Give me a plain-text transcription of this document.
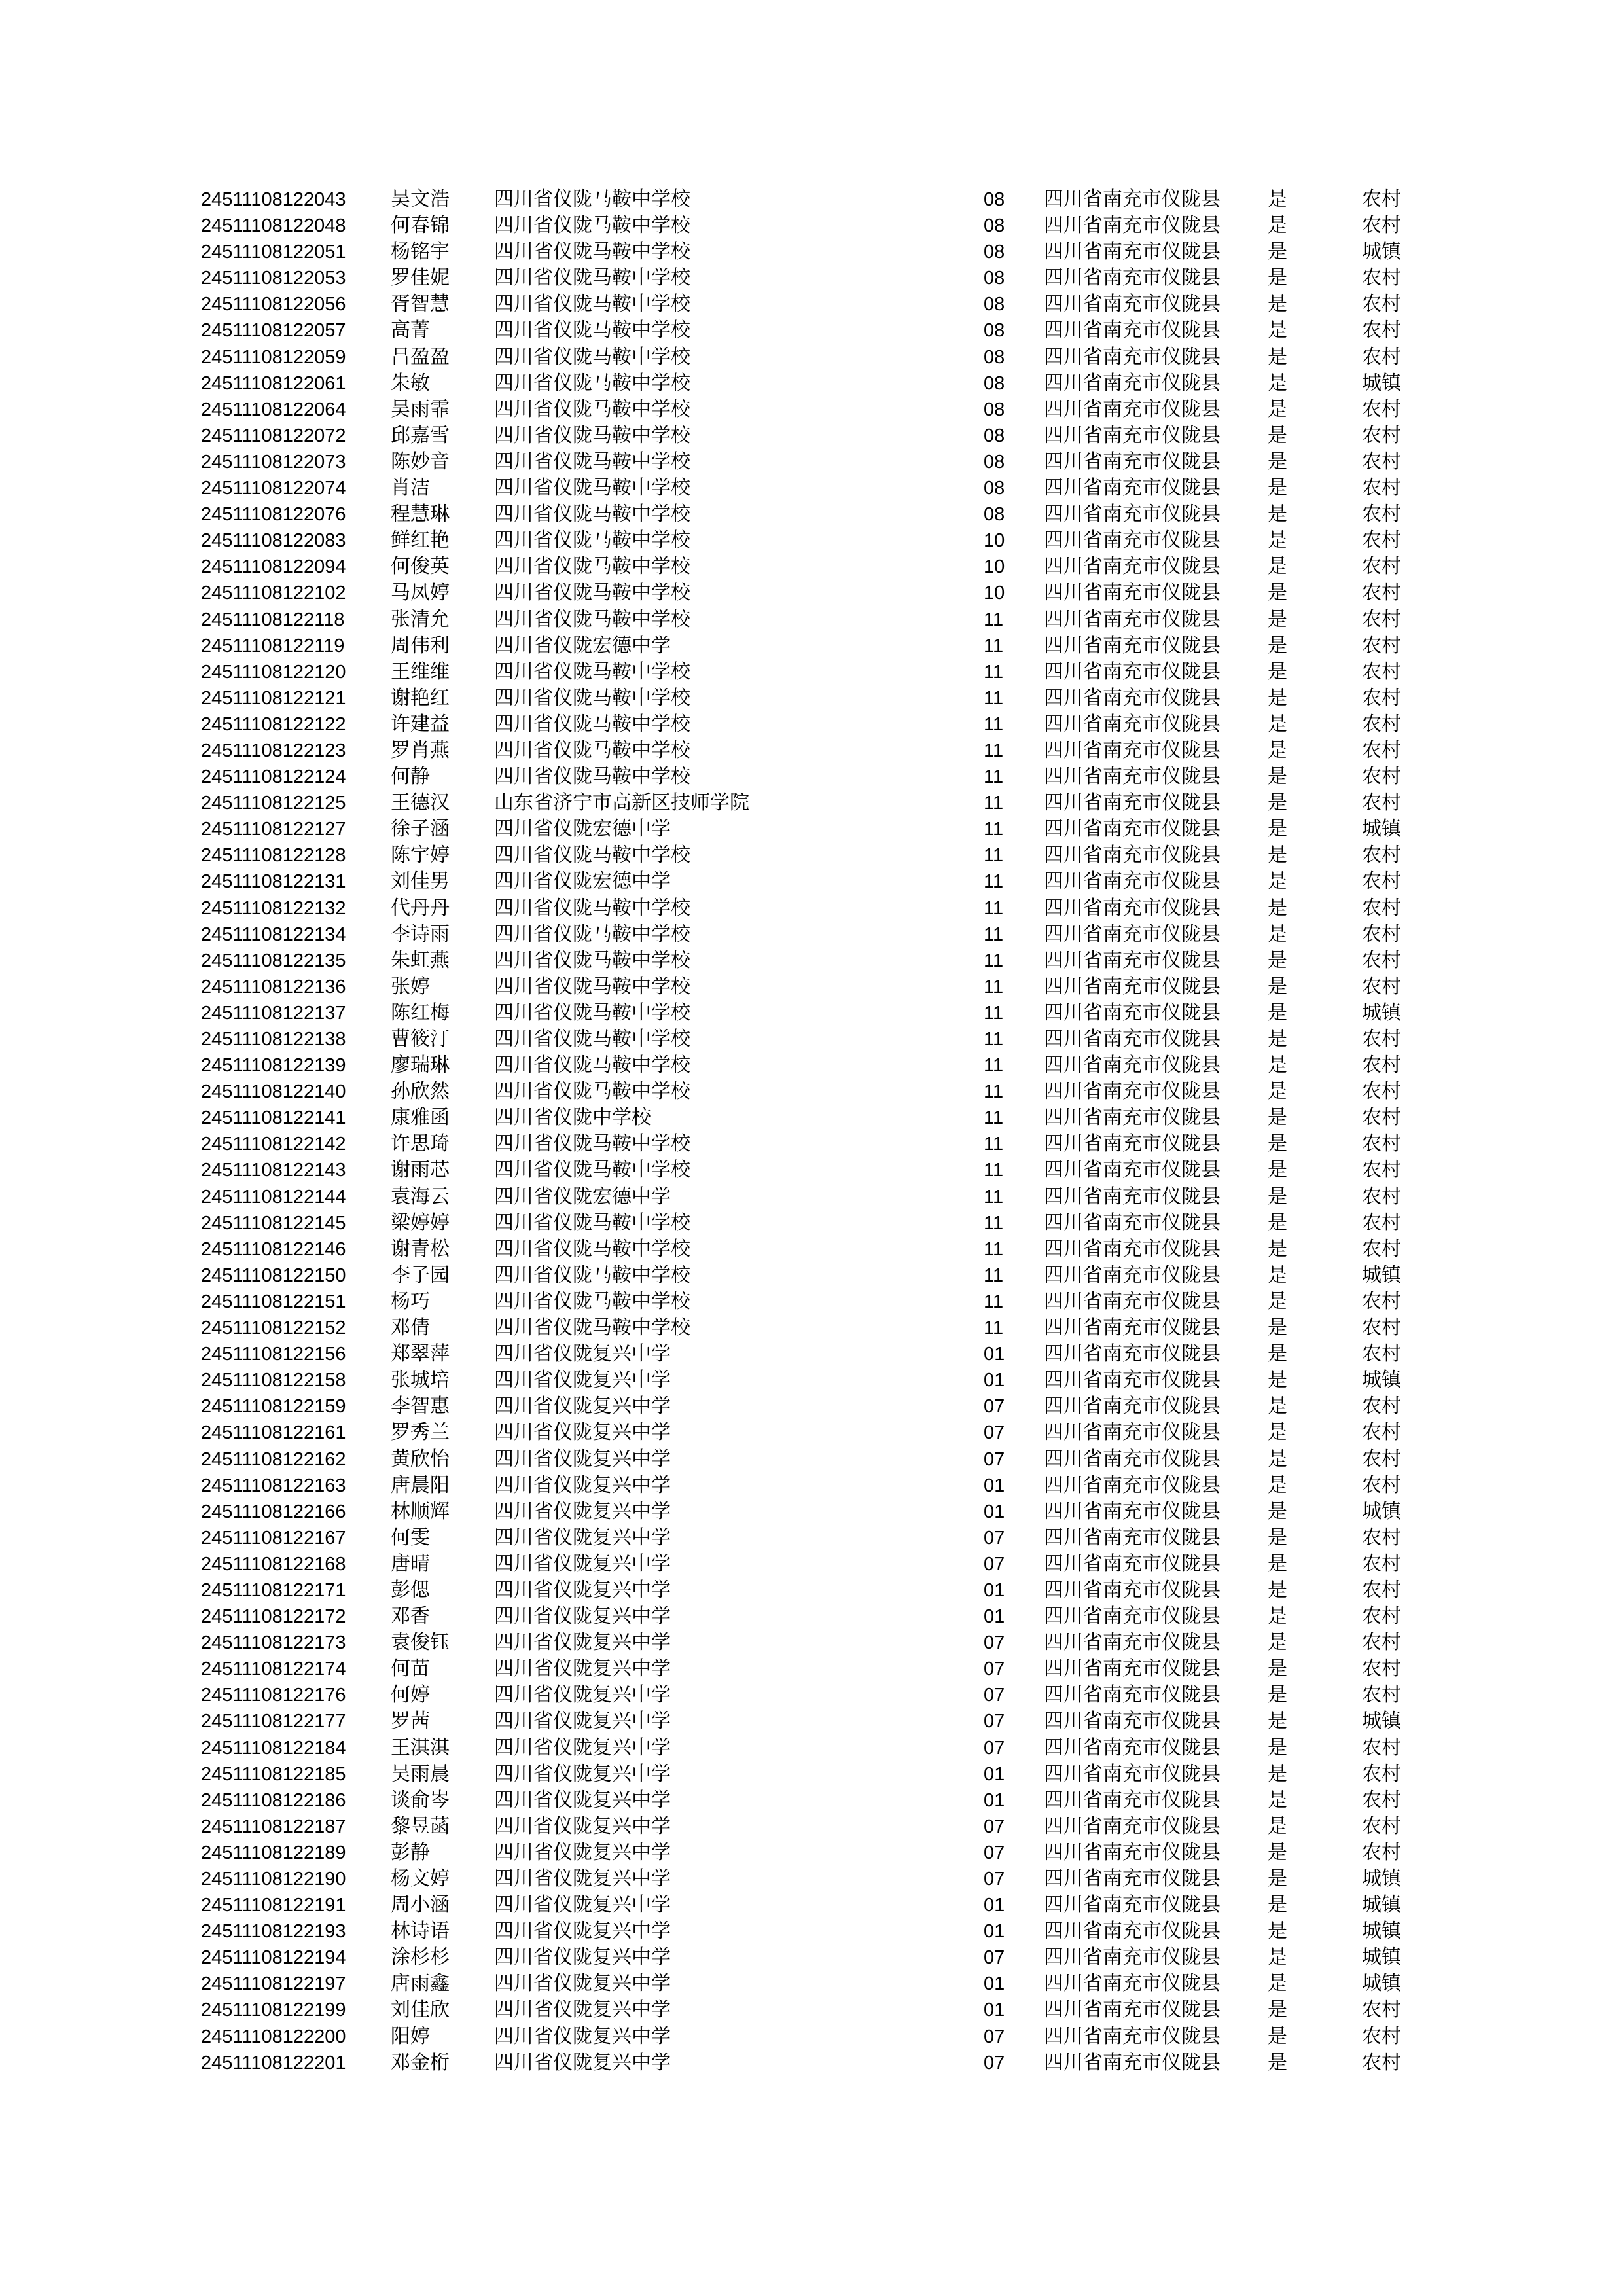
24511108122043 吴文浩 四川省仪陇马鞍中学校	08 四川省南充市仪陇县 是	农村
24511108122048 何春锦 四川省仪陇马鞍中学校	08 四川省南充市仪陇县 是	农村
24511108122051 杨铭宇 四川省仪陇马鞍中学校	08 四川省南充市仪陇县 是	城镇
24511108122053 罗佳妮 四川省仪陇马鞍中学校	08 四川省南充市仪陇县 是	农村
24511108122056 胥智慧 四川省仪陇马鞍中学校	08 四川省南充市仪陇县 是	农村
24511108122057 高菁	四川省仪陇马鞍中学校	08 四川省南充市仪陇县 是	农村
24511108122059 吕盈盈 四川省仪陇马鞍中学校	08 四川省南充市仪陇县 是	农村
24511108122061 朱敏	四川省仪陇马鞍中学校	08 四川省南充市仪陇县 是	城镇
24511108122064 吴雨霏 四川省仪陇马鞍中学校	08 四川省南充市仪陇县 是	农村
24511108122072 邱嘉雪 四川省仪陇马鞍中学校	08 四川省南充市仪陇县 是	农村
24511108122073 陈妙音 四川省仪陇马鞍中学校	08 四川省南充市仪陇县 是	农村
24511108122074 肖洁	四川省仪陇马鞍中学校	08 四川省南充市仪陇县 是	农村
24511108122076 程慧琳 四川省仪陇马鞍中学校	08 四川省南充市仪陇县 是	农村
24511108122083 鲜红艳 四川省仪陇马鞍中学校	10 四川省南充市仪陇县 是	农村
24511108122094 何俊英 四川省仪陇马鞍中学校	10 四川省南充市仪陇县 是	农村
24511108122102 马凤婷 四川省仪陇马鞍中学校	10 四川省南充市仪陇县 是	农村
24511108122118 张清允 四川省仪陇马鞍中学校	11 四川省南充市仪陇县 是	农村
24511108122119 周伟利 四川省仪陇宏德中学	11 四川省南充市仪陇县 是	农村
24511108122120 王维维 四川省仪陇马鞍中学校	11 四川省南充市仪陇县 是	农村
24511108122121 谢艳红 四川省仪陇马鞍中学校	11 四川省南充市仪陇县 是	农村
24511108122122 许建益 四川省仪陇马鞍中学校	11 四川省南充市仪陇县 是	农村
24511108122123 罗肖燕 四川省仪陇马鞍中学校	11 四川省南充市仪陇县 是	农村
24511108122124 何静	四川省仪陇马鞍中学校	11 四川省南充市仪陇县 是	农村
24511108122125 王德汉 山东省济宁市高新区技师学院	11 四川省南充市仪陇县 是	农村
24511108122127 徐子涵 四川省仪陇宏德中学	11 四川省南充市仪陇县 是	城镇
24511108122128 陈宇婷 四川省仪陇马鞍中学校	11 四川省南充市仪陇县 是	农村
24511108122131 刘佳男 四川省仪陇宏德中学	11 四川省南充市仪陇县 是	农村
24511108122132 代丹丹 四川省仪陇马鞍中学校	11 四川省南充市仪陇县 是	农村
24511108122134 李诗雨 四川省仪陇马鞍中学校	11 四川省南充市仪陇县 是	农村
24511108122135 朱虹燕 四川省仪陇马鞍中学校	11 四川省南充市仪陇县 是	农村
24511108122136 张婷	四川省仪陇马鞍中学校	11 四川省南充市仪陇县 是	农村
24511108122137 陈红梅 四川省仪陇马鞍中学校	11 四川省南充市仪陇县 是	城镇
24511108122138 曹筱汀 四川省仪陇马鞍中学校	11 四川省南充市仪陇县 是	农村
24511108122139 廖瑞琳 四川省仪陇马鞍中学校	11 四川省南充市仪陇县 是	农村
24511108122140 孙欣然 四川省仪陇马鞍中学校	11 四川省南充市仪陇县 是	农村
24511108122141 康雅函 四川省仪陇中学校	11 四川省南充市仪陇县 是	农村
24511108122142 许思琦 四川省仪陇马鞍中学校	11 四川省南充市仪陇县 是	农村
24511108122143 谢雨芯 四川省仪陇马鞍中学校	11 四川省南充市仪陇县 是	农村
24511108122144 袁海云 四川省仪陇宏德中学	11 四川省南充市仪陇县 是	农村
24511108122145 梁婷婷 四川省仪陇马鞍中学校	11 四川省南充市仪陇县 是	农村
24511108122146 谢青松 四川省仪陇马鞍中学校	11 四川省南充市仪陇县 是	农村
24511108122150 李子园 四川省仪陇马鞍中学校	11 四川省南充市仪陇县 是	城镇
24511108122151 杨巧	四川省仪陇马鞍中学校	11 四川省南充市仪陇县 是	农村
24511108122152 邓倩	四川省仪陇马鞍中学校	11 四川省南充市仪陇县 是	农村
24511108122156 郑翠萍 四川省仪陇复兴中学	01 四川省南充市仪陇县 是	农村
24511108122158 张城培 四川省仪陇复兴中学	01 四川省南充市仪陇县 是	城镇
24511108122159 李智惠 四川省仪陇复兴中学	07 四川省南充市仪陇县 是	农村
24511108122161 罗秀兰 四川省仪陇复兴中学	07 四川省南充市仪陇县 是	农村
24511108122162 黄欣怡 四川省仪陇复兴中学	07 四川省南充市仪陇县 是	农村
24511108122163 唐晨阳 四川省仪陇复兴中学	01 四川省南充市仪陇县 是	农村
24511108122166 林顺辉 四川省仪陇复兴中学	01 四川省南充市仪陇县 是	城镇
24511108122167 何雯	四川省仪陇复兴中学	07 四川省南充市仪陇县 是	农村
24511108122168 唐晴	四川省仪陇复兴中学	07 四川省南充市仪陇县 是	农村
24511108122171 彭偲	四川省仪陇复兴中学	01 四川省南充市仪陇县 是	农村
24511108122172 邓香	四川省仪陇复兴中学	01 四川省南充市仪陇县 是	农村
24511108122173 袁俊钰 四川省仪陇复兴中学	07 四川省南充市仪陇县 是	农村
24511108122174 何苗	四川省仪陇复兴中学	07 四川省南充市仪陇县 是	农村
24511108122176 何婷	四川省仪陇复兴中学	07 四川省南充市仪陇县 是	农村
24511108122177 罗茜	四川省仪陇复兴中学	07 四川省南充市仪陇县 是	城镇
24511108122184 王淇淇 四川省仪陇复兴中学	07 四川省南充市仪陇县 是	农村
24511108122185 吴雨晨 四川省仪陇复兴中学	01 四川省南充市仪陇县 是	农村
24511108122186 谈俞岑 四川省仪陇复兴中学	01 四川省南充市仪陇县 是	农村
24511108122187 黎昱菡 四川省仪陇复兴中学	07 四川省南充市仪陇县 是	农村
24511108122189 彭静	四川省仪陇复兴中学	07 四川省南充市仪陇县 是	农村
24511108122190 杨文婷 四川省仪陇复兴中学	07 四川省南充市仪陇县 是	城镇
24511108122191 周小涵 四川省仪陇复兴中学	01 四川省南充市仪陇县 是	城镇
24511108122193 林诗语 四川省仪陇复兴中学	01 四川省南充市仪陇县 是	城镇
24511108122194 涂杉杉 四川省仪陇复兴中学	07 四川省南充市仪陇县 是	城镇
24511108122197 唐雨鑫 四川省仪陇复兴中学	01 四川省南充市仪陇县 是	城镇
24511108122199 刘佳欣 四川省仪陇复兴中学	01 四川省南充市仪陇县 是	农村
24511108122200 阳婷	四川省仪陇复兴中学	07 四川省南充市仪陇县 是	农村
24511108122201 邓金桁 四川省仪陇复兴中学	07 四川省南充市仪陇县 是	农村
